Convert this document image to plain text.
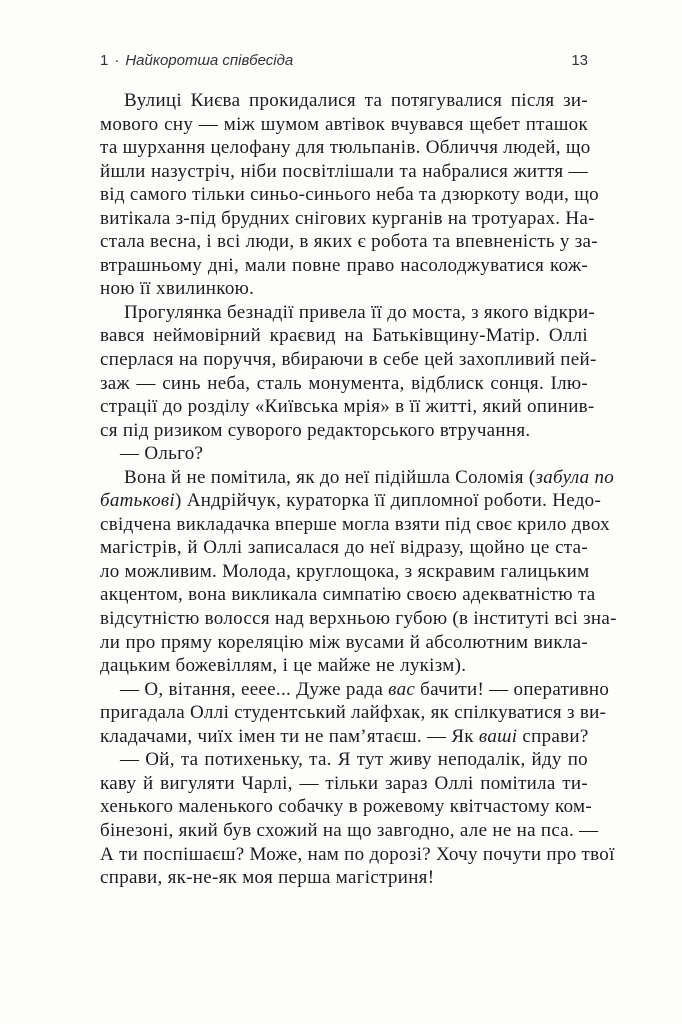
1 · Найкоротша співбесіда	13
Вулиці Києва прокидалися та потягувалися після зи-
мового сну — між шумом автівок вчувався щебет пташок
та шурхання целофану для тюльпанів. Обличчя людей, що
йшли назустріч, ніби посвітлішали та набралися життя —
від самого тільки синьо-синього неба та дзюркоту води, що
витікала з-під брудних снігових курганів на тротуарах. На-
стала весна, і всі люди, в яких є робота та впевненість у за-
втрашньому дні, мали повне право насолоджуватися кож-
ною її хвилинкою.
Прогулянка безнадії привела її до моста, з якого відкри-
вався неймовірний краєвид на Батьківщину-Матір. Оллі
сперлася на поруччя, вбираючи в себе цей захопливий пей-
заж — синь неба, сталь монумента, відблиск сонця. Ілю-
страції до розділу «Київська мрія» в її житті, який опинив-
ся під ризиком суворого редакторського втручання.
— Ольго?
Вона й не помітила, як до неї підійшла Соломія (забула по
батькові) Андрійчук, кураторка її дипломної роботи. Недо-
свідчена викладачка вперше могла взяти під своє крило двох
магістрів, й Оллі записалася до неї відразу, щойно це ста-
ло можливим. Молода, круглощока, з яскравим галицьким
акцентом, вона викликала симпатію своєю адекватністю та
відсутністю волосся над верхньою губою (в інституті всі зна-
ли про пряму кореляцію між вусами й абсолютним викла-
дацьким божевіллям, і це майже не лукізм).
— О, вітання, еeee... Дуже рада вас бачити! — оперативно
пригадала Оллі студентський лайфхак, як спілкуватися з ви-
кладачами, чиїх імен ти не пам’ятаєш. — Як ваші справи?
— Ой, та потихеньку, та. Я тут живу неподалік, йду по
каву й вигуляти Чарлі, — тільки зараз Оллі помітила ти-
хенького маленького собачку в рожевому квітчастому ком-
бінезоні, який був схожий на що завгодно, але не на пса. —
А ти поспішаєш? Може, нам по дорозі? Хочу почути про твої
справи, як-не-як моя перша магістриня!
